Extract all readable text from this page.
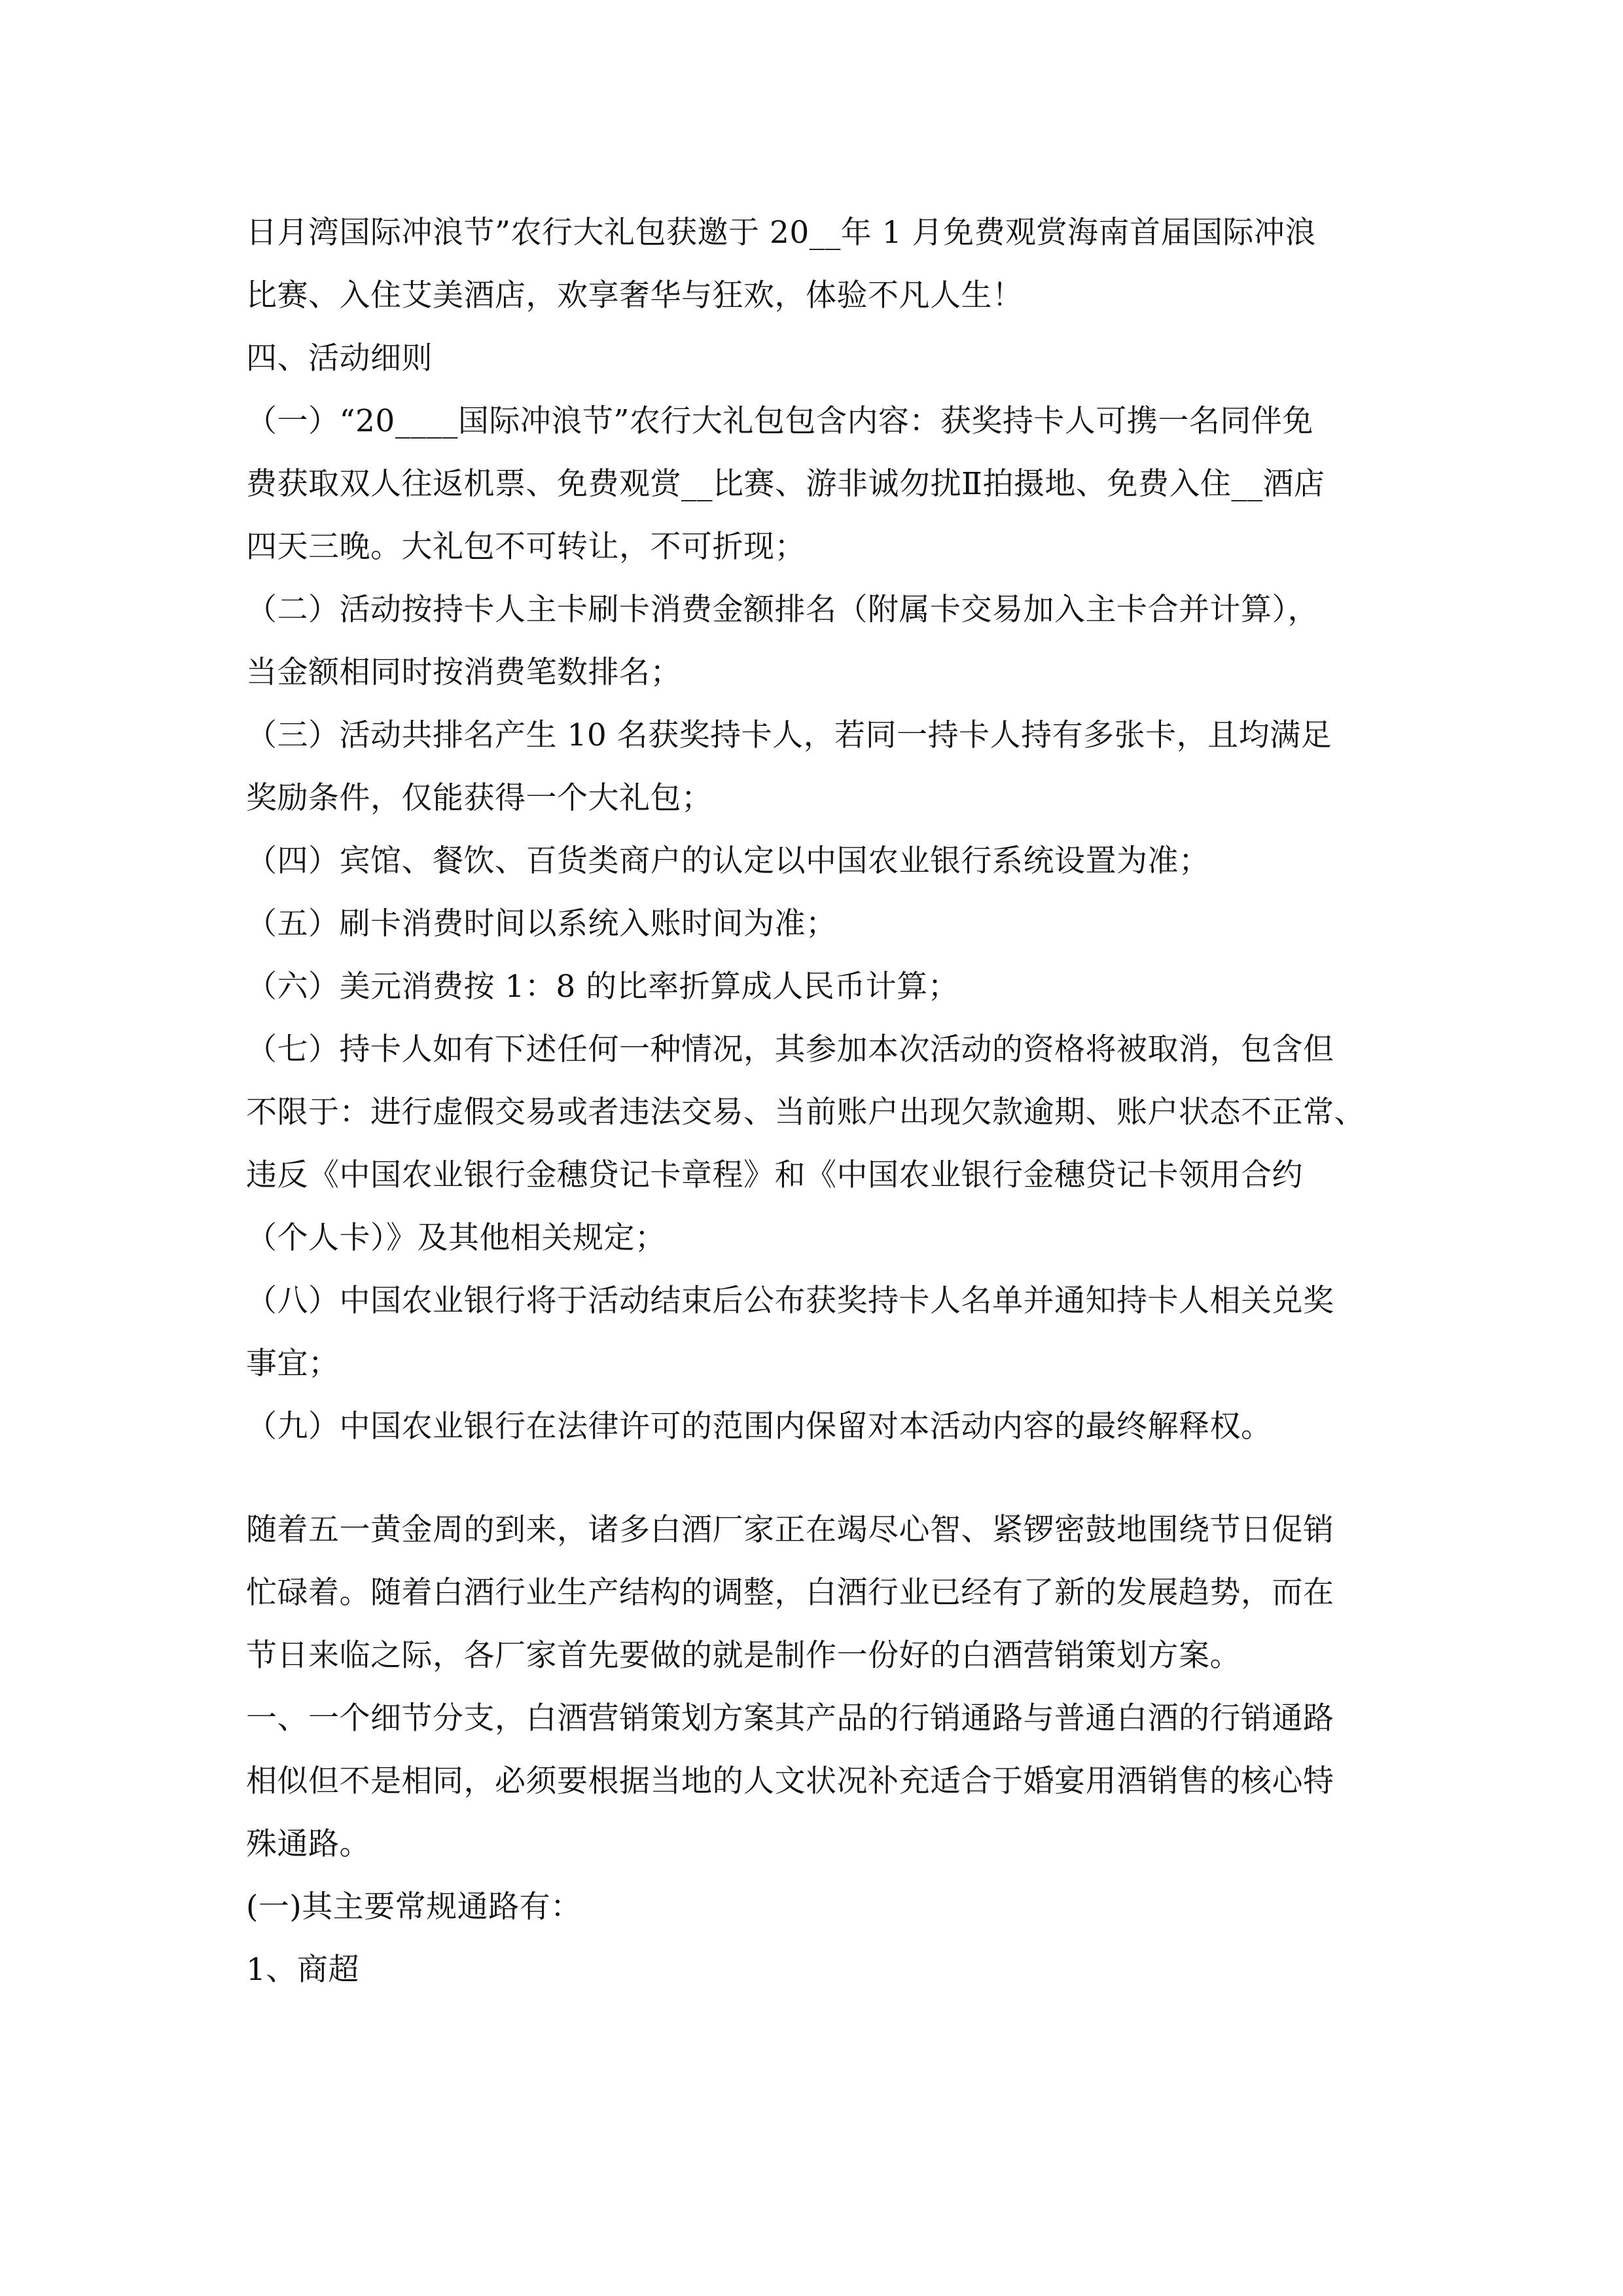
日月湾国际冲浪节”农行大礼包获邀于 20__年 1 月免费观赏海南首届国际冲浪
比赛、入住艾美酒店，欢享奢华与狂欢，体验不凡人生！
四、活动细则
（一）“20____国际冲浪节”农行大礼包包含内容：获奖持卡人可携一名同伴免
费获取双人往返机票、免费观赏__比赛、游非诚勿扰Ⅱ拍摄地、免费入住__酒店
四天三晚。大礼包不可转让，不可折现；
（二）活动按持卡人主卡刷卡消费金额排名（附属卡交易加入主卡合并计算），
当金额相同时按消费笔数排名；
（三）活动共排名产生 10 名获奖持卡人，若同一持卡人持有多张卡，且均满足
奖励条件，仅能获得一个大礼包；
（四）宾馆、餐饮、百货类商户的认定以中国农业银行系统设置为准；
（五）刷卡消费时间以系统入账时间为准；
（六）美元消费按 1：8 的比率折算成人民币计算；
（七）持卡人如有下述任何一种情况，其参加本次活动的资格将被取消，包含但
不限于：进行虚假交易或者违法交易、当前账户出现欠款逾期、账户状态不正常、
违反《中国农业银行金穗贷记卡章程》和《中国农业银行金穗贷记卡领用合约
（个人卡）》及其他相关规定；
（八）中国农业银行将于活动结束后公布获奖持卡人名单并通知持卡人相关兑奖
事宜；
（九）中国农业银行在法律许可的范围内保留对本活动内容的最终解释权。
随着五一黄金周的到来，诸多白酒厂家正在竭尽心智、紧锣密鼓地围绕节日促销
忙碌着。随着白酒行业生产结构的调整，白酒行业已经有了新的发展趋势，而在
节日来临之际，各厂家首先要做的就是制作一份好的白酒营销策划方案。
一、一个细节分支，白酒营销策划方案其产品的行销通路与普通白酒的行销通路
相似但不是相同，必须要根据当地的人文状况补充适合于婚宴用酒销售的核心特
殊通路。
(一)其主要常规通路有：
1、商超
